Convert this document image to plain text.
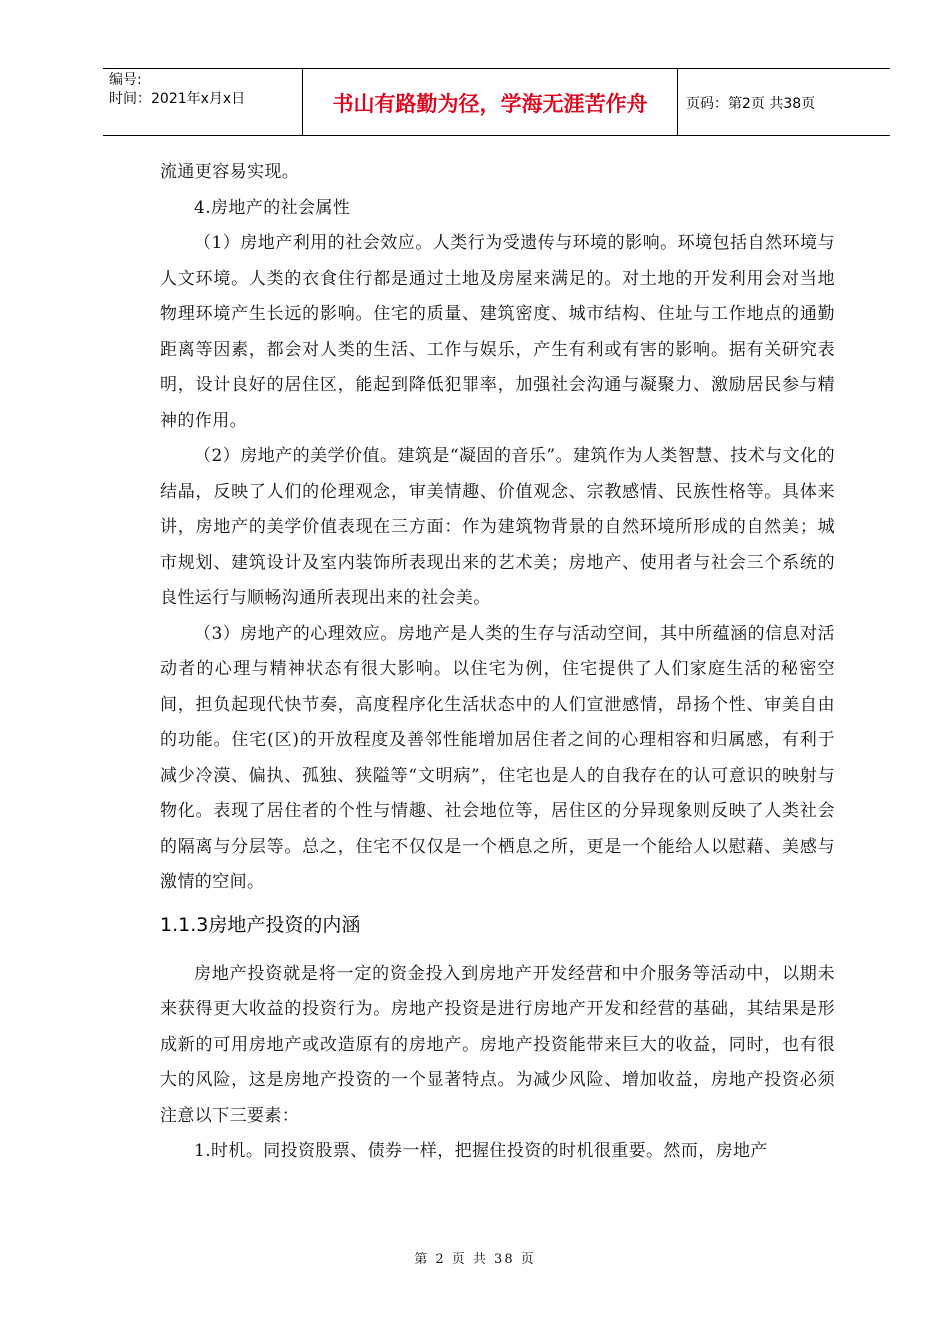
编号:
时间：2021年x月x日	书山有路勤为径，学海无涯苦作舟	页码：第2页 共38页

流通更容易实现。

4.房地产的社会属性

（1）房地产利用的社会效应。人类行为受遗传与环境的影响。环境包括自然环境与人文环境。人类的衣食住行都是通过土地及房屋来满足的。对土地的开发利用会对当地物理环境产生长远的影响。住宅的质量、建筑密度、城市结构、住址与工作地点的通勤距离等因素，都会对人类的生活、工作与娱乐，产生有利或有害的影响。据有关研究表明，设计良好的居住区，能起到降低犯罪率，加强社会沟通与凝聚力、激励居民参与精神的作用。

（2）房地产的美学价值。建筑是“凝固的音乐”。建筑作为人类智慧、技术与文化的结晶，反映了人们的伦理观念，审美情趣、价值观念、宗教感情、民族性格等。具体来讲，房地产的美学价值表现在三方面：作为建筑物背景的自然环境所形成的自然美；城市规划、建筑设计及室内装饰所表现出来的艺术美；房地产、使用者与社会三个系统的良性运行与顺畅沟通所表现出来的社会美。

（3）房地产的心理效应。房地产是人类的生存与活动空间，其中所蕴涵的信息对活动者的心理与精神状态有很大影响。以住宅为例，住宅提供了人们家庭生活的秘密空间，担负起现代快节奏，高度程序化生活状态中的人们宣泄感情，昂扬个性、审美自由的功能。住宅(区)的开放程度及善邻性能增加居住者之间的心理相容和归属感，有利于减少冷漠、偏执、孤独、狭隘等“文明病”，住宅也是人的自我存在的认可意识的映射与物化。表现了居住者的个性与情趣、社会地位等，居住区的分异现象则反映了人类社会的隔离与分层等。总之，住宅不仅仅是一个栖息之所，更是一个能给人以慰藉、美感与激情的空间。

1.1.3房地产投资的内涵

房地产投资就是将一定的资金投入到房地产开发经营和中介服务等活动中，以期未来获得更大收益的投资行为。房地产投资是进行房地产开发和经营的基础，其结果是形成新的可用房地产或改造原有的房地产。房地产投资能带来巨大的收益，同时，也有很大的风险，这是房地产投资的一个显著特点。为减少风险、增加收益，房地产投资必须注意以下三要素：

1.时机。同投资股票、债券一样，把握住投资的时机很重要。然而，房地产

第 2 页 共 38 页
